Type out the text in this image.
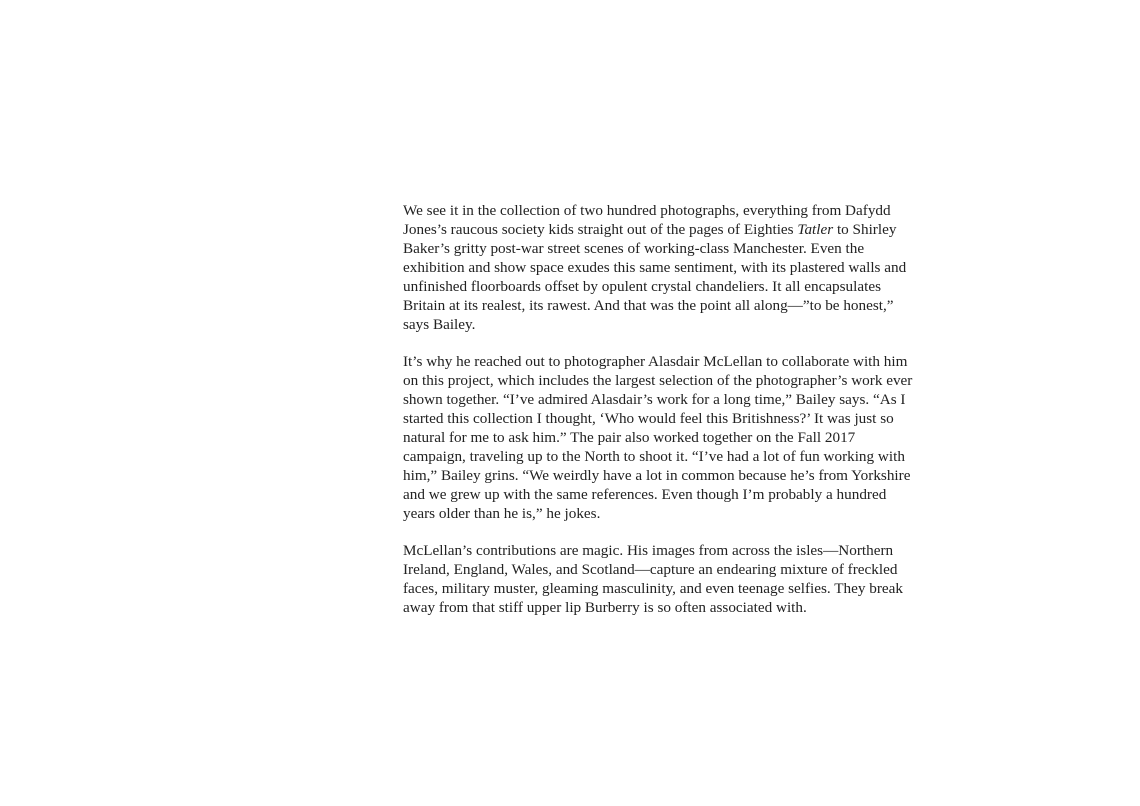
We see it in the collection of two hundred photographs, everything from Dafydd Jones’s raucous society kids straight out of the pages of Eighties Tatler to Shirley Baker’s gritty post-war street scenes of working-class Manchester. Even the exhibition and show space exudes this same sentiment, with its plastered walls and unfinished floorboards offset by opulent crystal chandeliers. It all encapsulates Britain at its realest, its rawest. And that was the point all along—”to be honest,” says Bailey.

It’s why he reached out to photographer Alasdair McLellan to collaborate with him on this project, which includes the largest selection of the photographer’s work ever shown together. “I’ve admired Alasdair’s work for a long time,” Bailey says. “As I started this collection I thought, ‘Who would feel this Britishness?’ It was just so natural for me to ask him.” The pair also worked together on the Fall 2017 campaign, traveling up to the North to shoot it. “I’ve had a lot of fun working with him,” Bailey grins. “We weirdly have a lot in common because he’s from Yorkshire and we grew up with the same references. Even though I’m probably a hundred years older than he is,” he jokes.

McLellan’s contributions are magic. His images from across the isles—Northern Ireland, England, Wales, and Scotland—capture an endearing mixture of freckled faces, military muster, gleaming masculinity, and even teenage selfies. They break away from that stiff upper lip Burberry is so often associated with.
